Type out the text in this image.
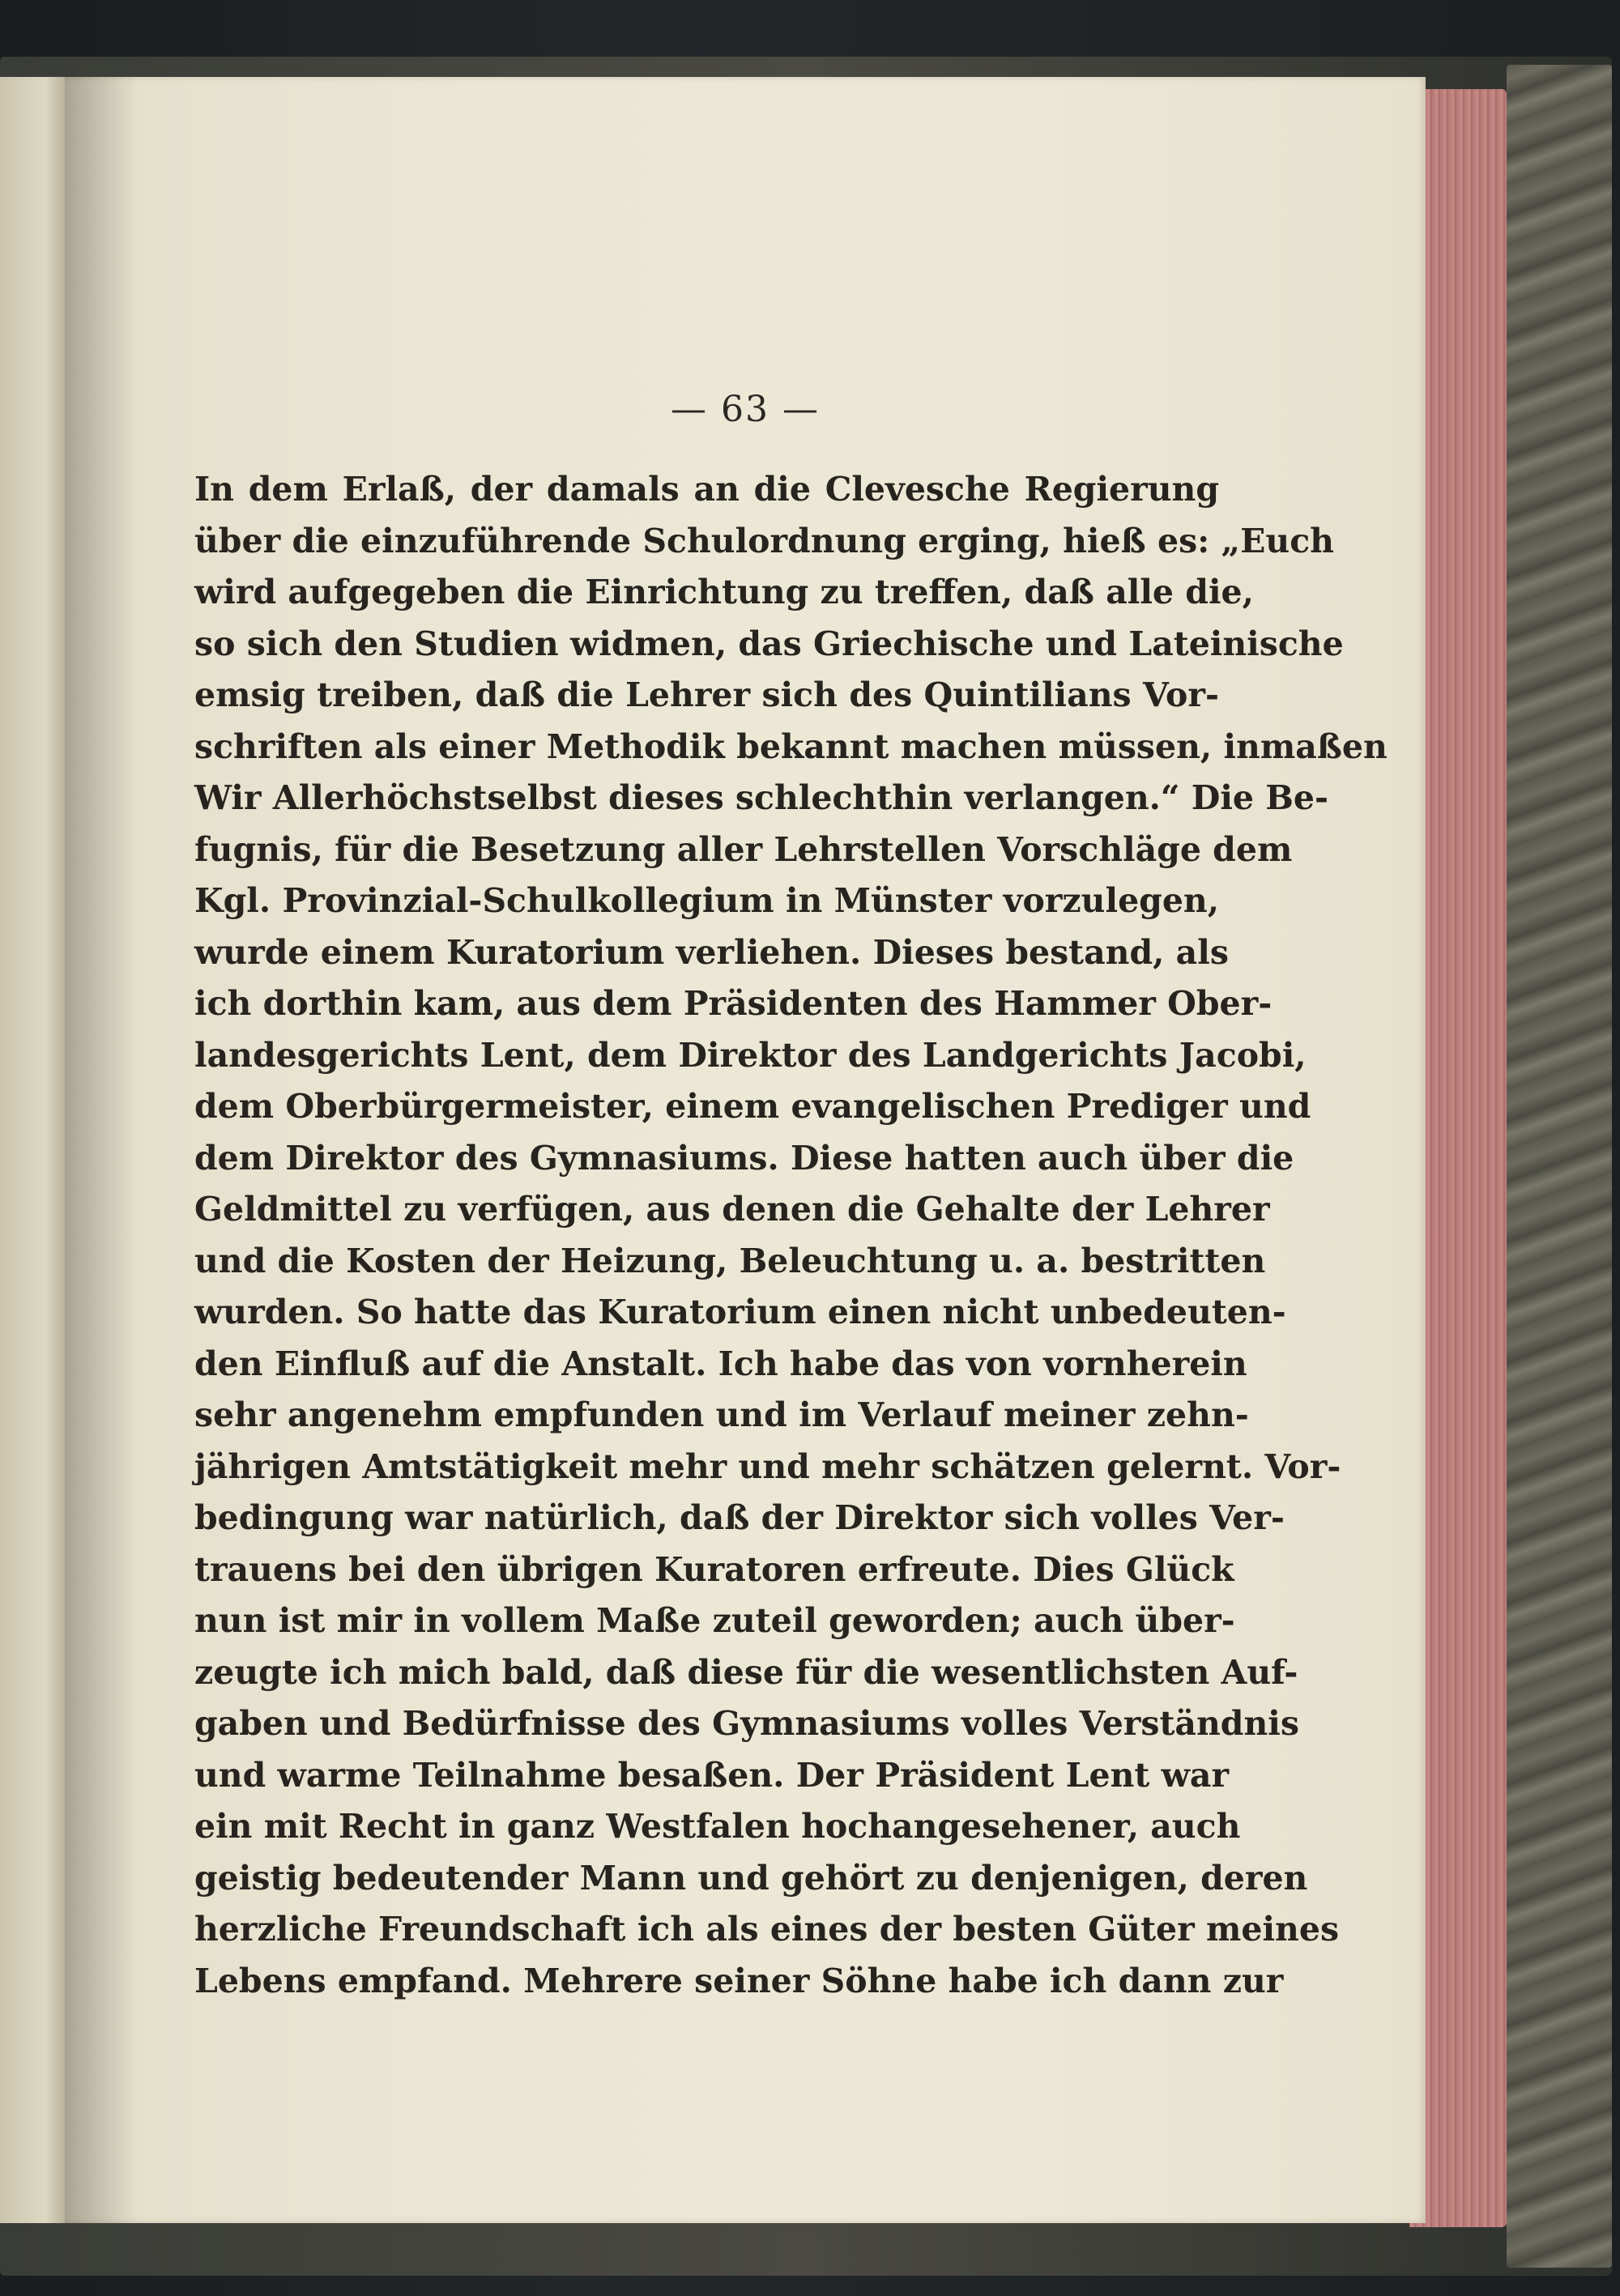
— 63 —
In dem Erlaß, der damals an die Clevesche Regierung
über die einzuführende Schulordnung erging, hieß es: „Euch
wird aufgegeben die Einrichtung zu treffen, daß alle die,
so sich den Studien widmen, das Griechische und Lateinische
emsig treiben, daß die Lehrer sich des Quintilians Vor-
schriften als einer Methodik bekannt machen müssen, inmaßen
Wir Allerhöchstselbst dieses schlechthin verlangen.“ Die Be-
fugnis, für die Besetzung aller Lehrstellen Vorschläge dem
Kgl. Provinzial-Schulkollegium in Münster vorzulegen,
wurde einem Kuratorium verliehen. Dieses bestand, als
ich dorthin kam, aus dem Präsidenten des Hammer Ober-
landesgerichts Lent, dem Direktor des Landgerichts Jacobi,
dem Oberbürgermeister, einem evangelischen Prediger und
dem Direktor des Gymnasiums. Diese hatten auch über die
Geldmittel zu verfügen, aus denen die Gehalte der Lehrer
und die Kosten der Heizung, Beleuchtung u. a. bestritten
wurden. So hatte das Kuratorium einen nicht unbedeuten-
den Einfluß auf die Anstalt. Ich habe das von vornherein
sehr angenehm empfunden und im Verlauf meiner zehn-
jährigen Amtstätigkeit mehr und mehr schätzen gelernt. Vor-
bedingung war natürlich, daß der Direktor sich volles Ver-
trauens bei den übrigen Kuratoren erfreute. Dies Glück
nun ist mir in vollem Maße zuteil geworden; auch über-
zeugte ich mich bald, daß diese für die wesentlichsten Auf-
gaben und Bedürfnisse des Gymnasiums volles Verständnis
und warme Teilnahme besaßen. Der Präsident Lent war
ein mit Recht in ganz Westfalen hochangesehener, auch
geistig bedeutender Mann und gehört zu denjenigen, deren
herzliche Freundschaft ich als eines der besten Güter meines
Lebens empfand. Mehrere seiner Söhne habe ich dann zur
